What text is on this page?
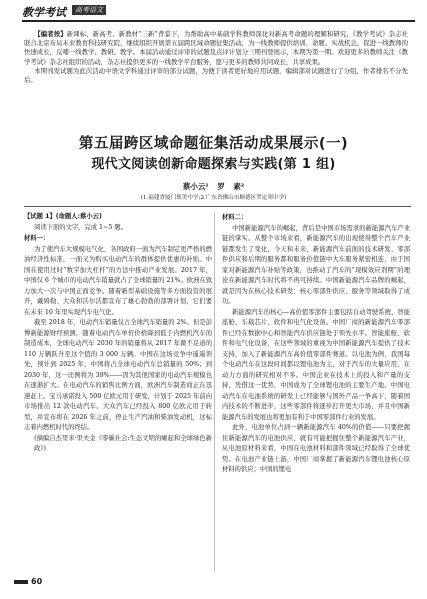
教学考试	高考语文

【编者按】新课标、新高考、新教材“三新”背景下，为帮助高中基础学科教师深化对新高考命题的理解和研究，《教学考试》杂志社联合北京布局未来教育科技研究院，继续组织开展第五届跨区域命题征集活动，为一线教师提供培训、命题、实战机会，促进一线教师的快速成长，反哺一线教学、教研、教学。本届活动通过评审的试题及点评计划分三期刊登展示，本期为第一期。欢迎更多的教师关注《教学考试》杂志社组织的活动，杂志社提供更多的一线教学平台服务，愿与更多的教师共同成长，共享成果。

本期刊发试题为此次活动中语文学科通过评审的部分试题，为便于读者更好地应用试题，编辑部对试题进行了分组，作者排名不分先后。

第五届跨区域命题征集活动成果展示(一)
现代文阅读创新命题探索与实践(第 1 组)
蔡小云¹ 罗 素²
(1.福建省厦门集美中学;2.广东省佛山市顺德区罗定邦中学)

【试题 1】(命题人:蔡小云)

阅读下面的文字，完成 1~5 题。

材料一：

为了使汽车大规模电气化，各国政府一面为汽车制定更严格的燃油经济性标准，一面又为购买电动汽车的群体提供优惠的补贴。中国在使用过时“数字加大杠杆”的方法中推动产业发展。2017 年，中国仅 6 个城市的电动汽车销量就占了全球销量的 21%。欧洲在致力加大一次与中国正面竞争。随着新型基础设施等多方面投资的展开，戴姆勒、大众和沃尔沃都宣布了雄心勃勃的部署计划，它们要在未来 10 年里实现汽车电气化。

截至 2018 年，电动汽车销量仅占全球汽车销量的 2%。但是彭博新能源财经预测，随着电动汽车单价价格降到低于内燃机汽车的制造成本，全球电动汽车 2030 年的销量将从 2017 年微不足道的 110 万辆跃升至这个值的 3 000 万辆。中国在这场竞争中遥遥领先，预计到 2025 年，中国将占全球电动汽车总销量的 50%；到 2030 年，这一比例将为 39%——因为其他国家的电动汽车规模也在逐渐扩大。在电动汽车的销售比例方面，欧洲汽车制造商正在迅速赶上。宝马承诺投入 500 亿欧元用于研发，计划于 2025 年前向市场推出 12 款电动汽车。大众汽车已经投入 800 亿欧元用于转型，并宣布将在 2026 年之前，停止生产汽油和柴油发动机，这标志着内燃机时代的终结。

(摘编自杰里米·里夫金《零碳社会:生态文明的崛起和全球绿色新政》)

材料二：

中国新能源汽车的崛起，背后是中国市场需求的新能源汽车产业链的掌实。从整个市场来看，新能源汽车的出现使得整个汽车产业链都发生了变化，今天和未来，新能源汽车前面的技术研发、零部件供应和后期的服务都和服务价值链中大车服务紧密相连，由于国家对新能源汽车补贴等政策，也推动了汽车的“现模效应剂期”的理论在新能源汽车时代将不再可持续。中国新能源汽车品牌的崛起，就是因为在核心技术研发、核心零部件供应、服务等领域取得了成功。

新能源汽车的核心—高价值零部件主要包括自动驾驶系统、智能座舱、车载芯片、软件和电气化设备。中国厂商的新能源汽车零部件已经在数据中心和智能汽车供应链处于领先水平。智能座舱、软件和电气化设备，在这些领域的重视为中国新能源汽车提供了技术支持，加入了新能源汽车高价值零部件赛道。以电池为例，我国每个电动汽车在这段时间都以锂电池为主，对于汽车的大量应用，在动力方面的研究相对不多。中国企业在技术上的投入和产量的支持，凭借这一优势，中国成为了全球锂电池的主要生产地。中国电动汽车在电池系统的研发上已经能够与国外产品一争高下，随着国内技术的不断进步，这些零部件将逐步打开更大市场，并且中国新能源汽车的发展也将更加有利于中国零部件行业的发展。

此外，电池单位占到一辆新能源汽车 40%的价值——只要把握住新能源汽车的电池供应，就有可能把握住整个新能源汽车产业，从电池原材料来看，中国在电池材料和部件领域已经取得了全球优势。在电池产业链上游，中国厂商掌握了新能源汽车锂电池核心原材料的供应；中国的锂电

60
